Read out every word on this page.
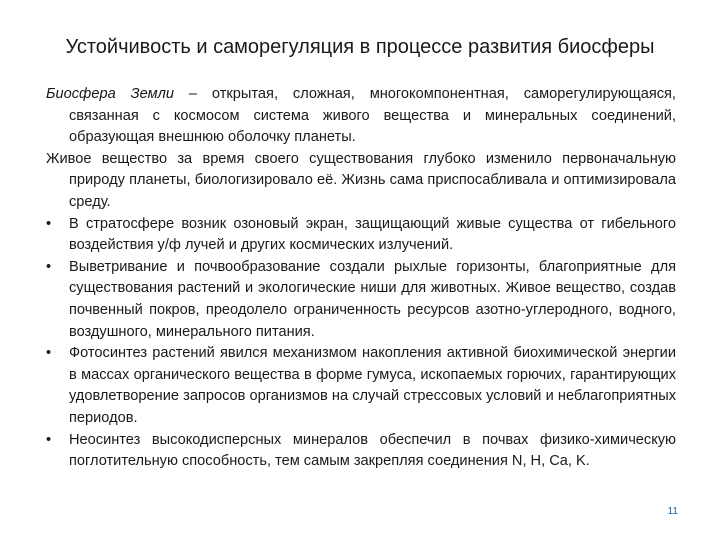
Устойчивость и саморегуляция в процессе развития биосферы

Биосфера Земли – открытая, сложная, многокомпонентная, саморегулирующаяся, связанная с космосом система живого вещества и минеральных соединений, образующая внешнюю оболочку планеты.

Живое вещество за время своего существования глубоко изменило первоначальную природу планеты, биологизировало её. Жизнь сама приспосабливала и оптимизировала среду.

•	В стратосфере возник озоновый экран, защищающий живые существа от гибельного воздействия у/ф лучей и других космических излучений.
•	Выветривание и почвообразование создали рыхлые горизонты, благоприятные для существования растений и экологические ниши для животных. Живое вещество, создав почвенный покров, преодолело ограниченность ресурсов азотно-углеродного, водного, воздушного, минерального питания.
•	Фотосинтез растений явился механизмом накопления активной биохимической энергии в массах органического вещества в форме гумуса, ископаемых горючих, гарантирующих удовлетворение запросов организмов на случай стрессовых условий и неблагоприятных периодов.
•	Неосинтез высокодисперсных минералов обеспечил в почвах физико-химическую поглотительную способность, тем самым закрепляя соединения N, H, Ca, K.
11
